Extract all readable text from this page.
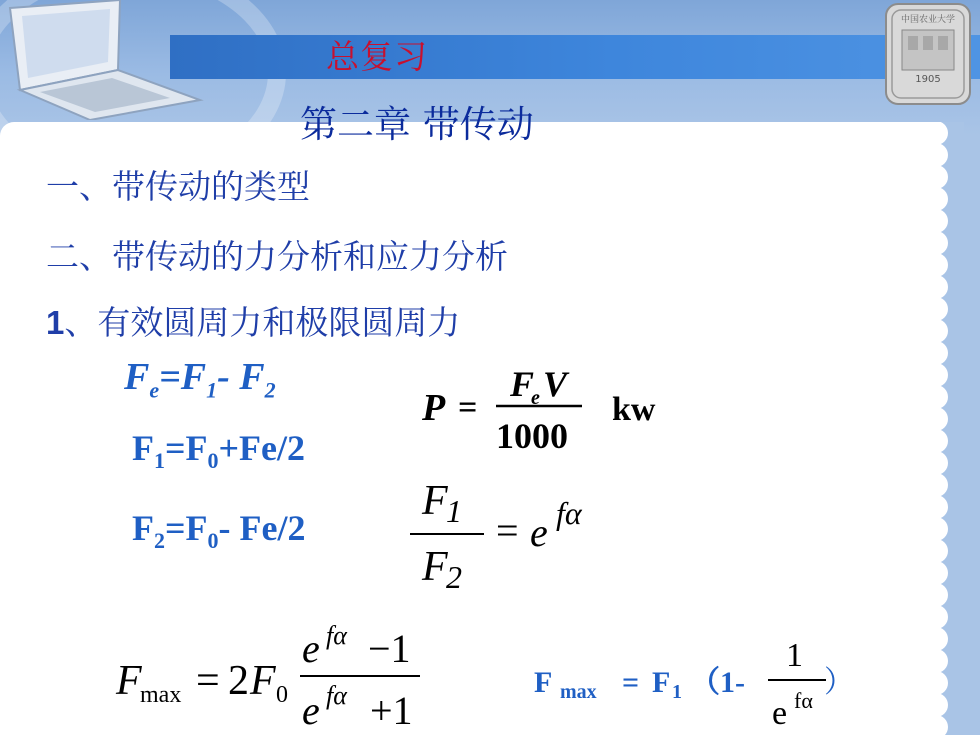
中国农业大学
1905
总复习
第二章 带传动
一、带传动的类型
二、带传动的力分析和应力分析
1、有效圆周力和极限圆周力
$F_e=F_1-$ $F_2$
$F_1=F_0+Fe/2$
$F_2=F_0-$ Fe/2
P =
F
e V
1000
kw
F
1
F
2
= e fα
F
max = 2 F 0
e fα −1
e fα +1
F max = F 1 （1-
1
e fα
）
